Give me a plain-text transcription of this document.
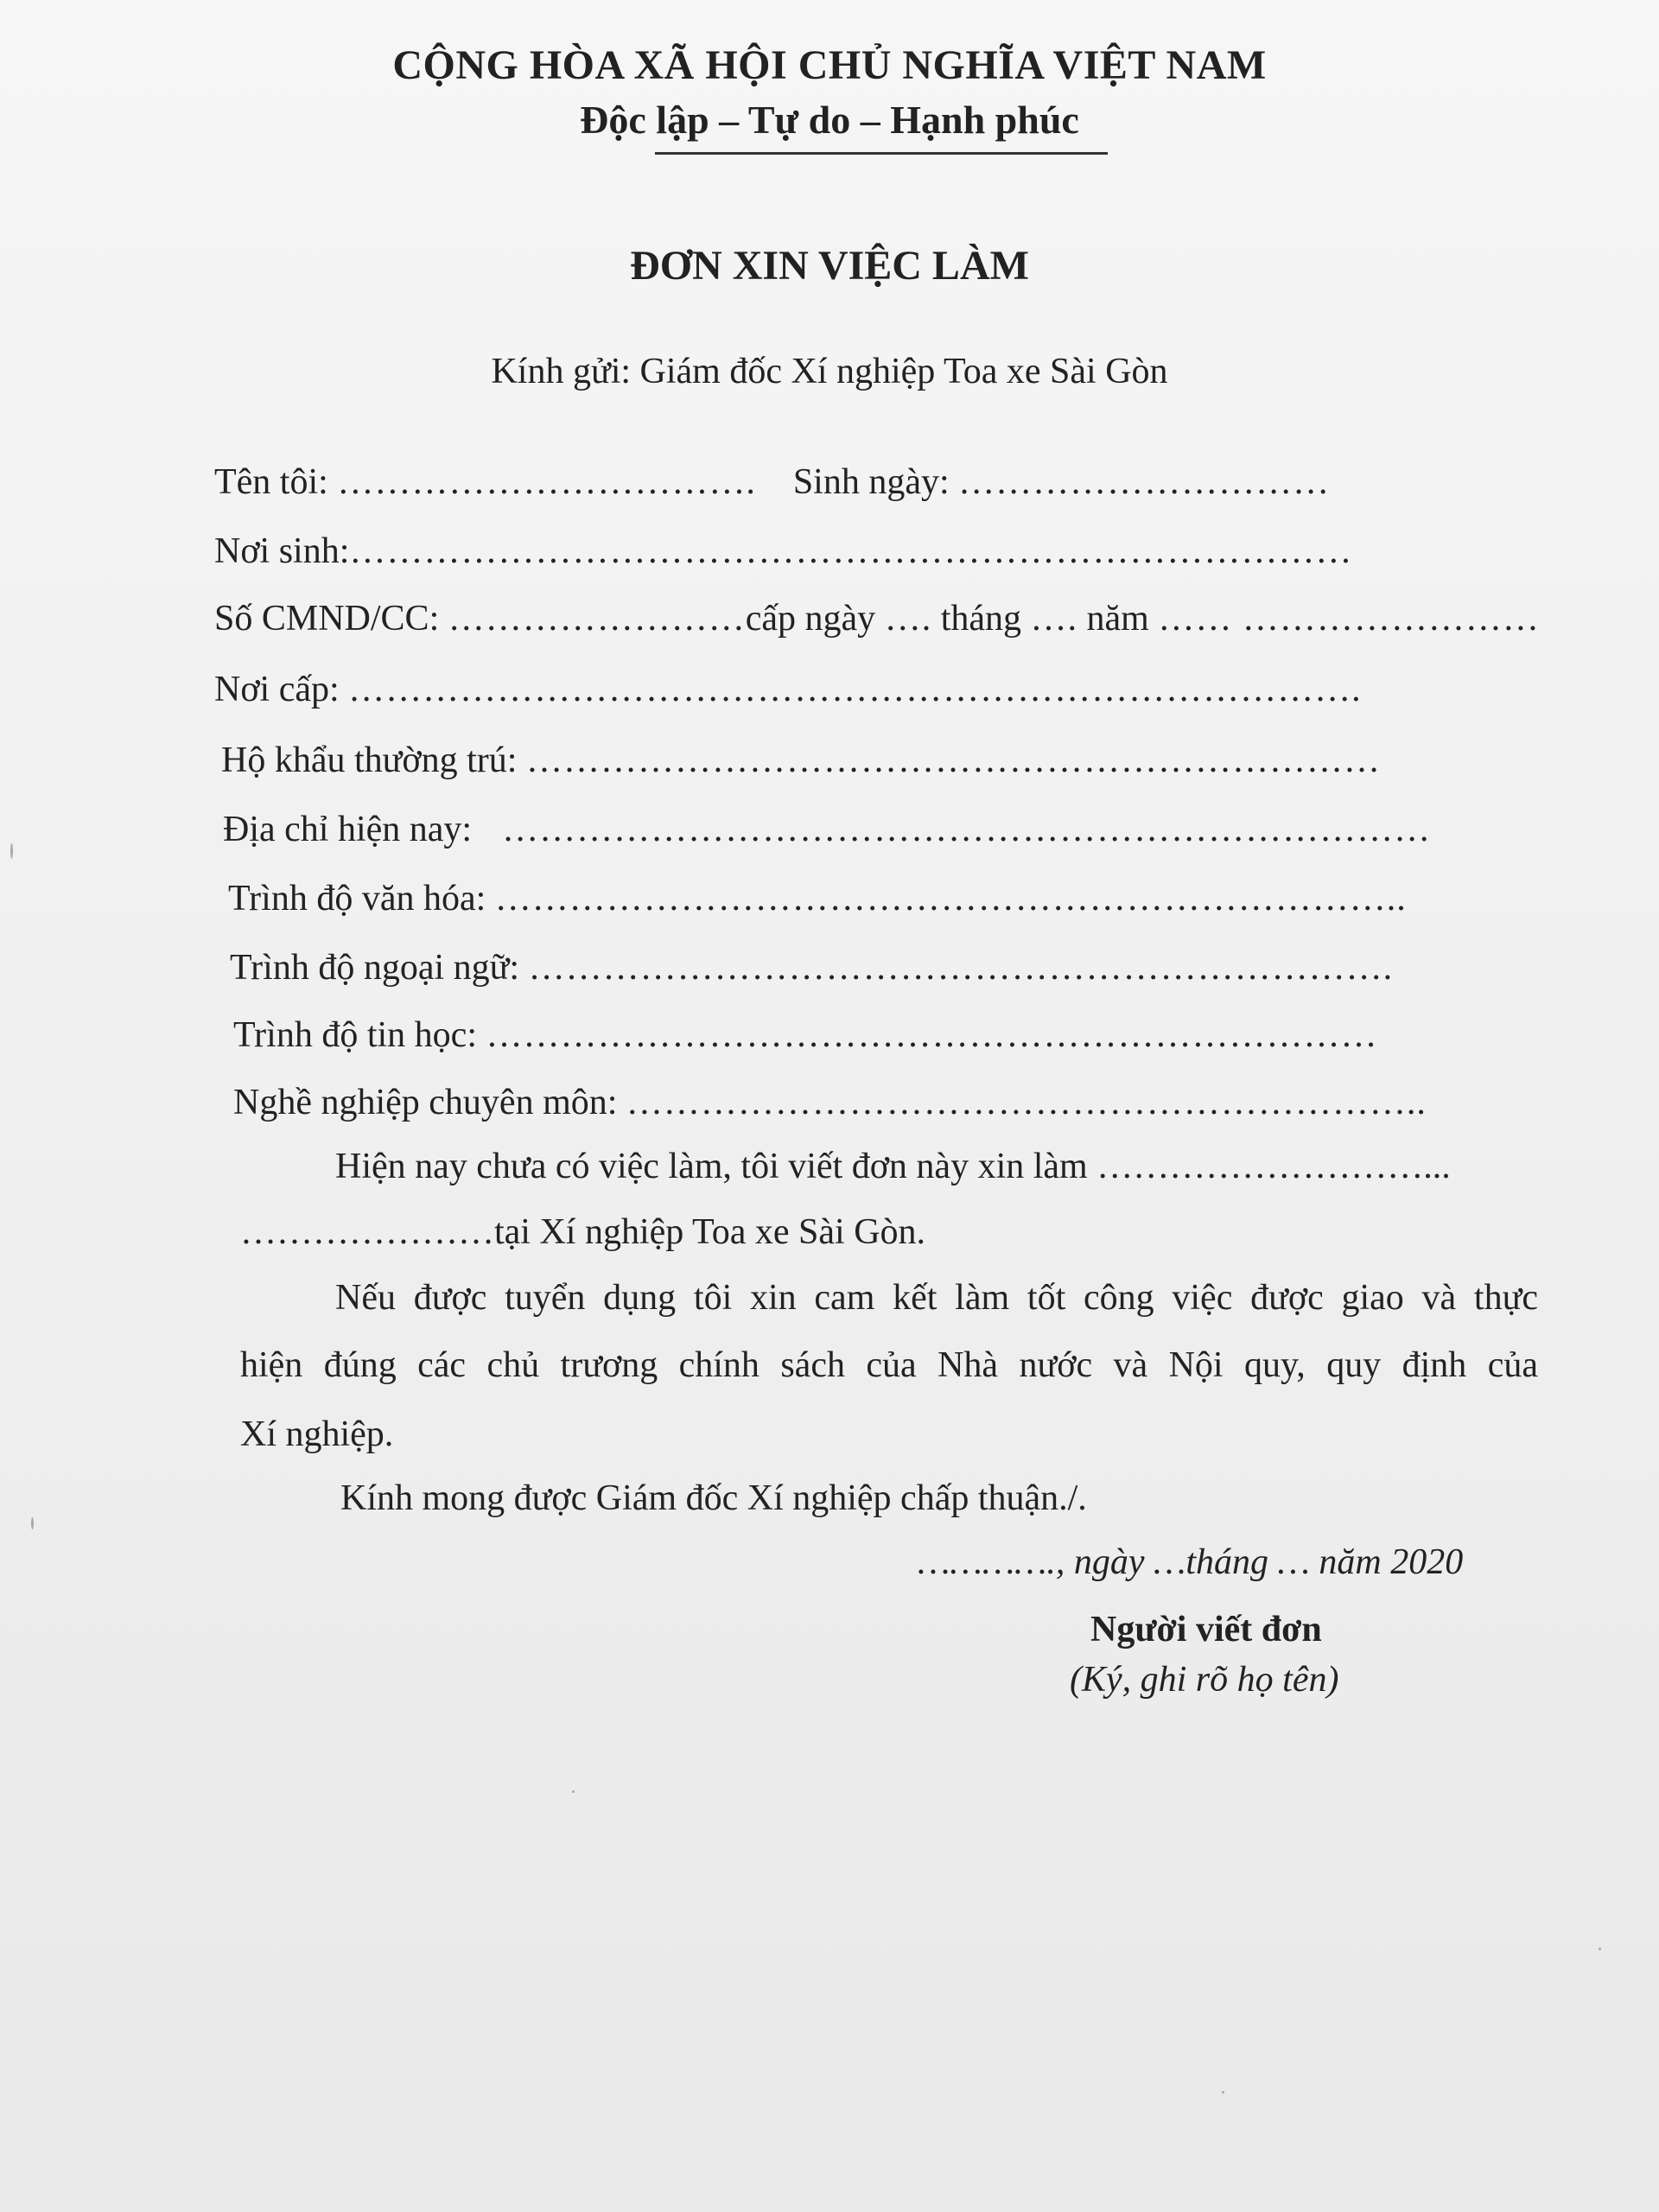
CỘNG HÒA XÃ HỘI CHỦ NGHĨA VIỆT NAM
Độc lập – Tự do – Hạnh phúc
ĐƠN XIN VIỆC LÀM
Kính gửi: Giám đốc Xí nghiệp Toa xe Sài Gòn
Tên tôi: ……………………………. Sinh ngày: …………………………
Nơi sinh:………………………………………………………………………
Số CMND/CC: ……………………cấp ngày …. tháng …. năm …… ……………………
Nơi cấp: ……………………………………………………………………….
Hộ khẩu thường trú: ……………………………………………………………
Địa chỉ hiện nay: …………………………………………………………………
Trình độ văn hóa: ………………………………………………………………..
Trình độ ngoại ngữ: …………………………………………………………….
Trình độ tin học: ………………………………………………………………
Nghề nghiệp chuyên môn: ………………………………………………………..
Hiện nay chưa có việc làm, tôi viết đơn này xin làm ………………………...
…………………tại Xí nghiệp Toa xe Sài Gòn.
Nếu được tuyển dụng tôi xin cam kết làm tốt công việc được giao và thực
hiện đúng các chủ trương chính sách của Nhà nước và Nội quy, quy định của
Xí nghiệp.
Kính mong được Giám đốc Xí nghiệp chấp thuận./.
…………., ngày …tháng … năm 2020
Người viết đơn
(Ký, ghi rõ họ tên)
